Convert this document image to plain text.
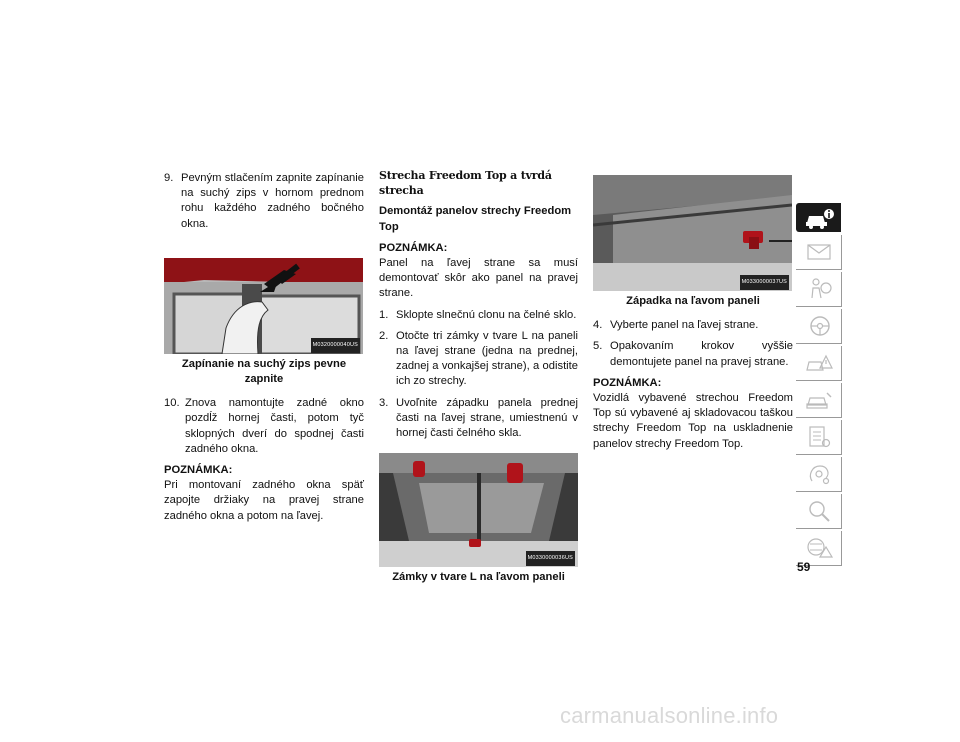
9. Pevným stlačením zapnite zapínanie na suchý zips v hornom prednom rohu každého zadného bočného okna.
M0320000040US
Zapínanie na suchý zips pevne zapnite
10. Znova namontujte zadné okno pozdĺž hornej časti, potom tyč sklopných dverí do spodnej časti zadného okna.
POZNÁMKA:
Pri montovaní zadného okna späť zapojte držiaky na pravej strane zadného okna a potom na ľavej.
Strecha Freedom Top a tvrdá strecha
Demontáž panelov strechy Freedom Top
POZNÁMKA:
Panel na ľavej strane sa musí demontovať skôr ako panel na pravej strane.
1. Sklopte slnečnú clonu na čelné sklo.
2. Otočte tri zámky v tvare L na paneli na ľavej strane (jedna na prednej, zadnej a vonkajšej strane), a odistite ich zo strechy.
3. Uvoľnite západku panela prednej časti na ľavej strane, umiestnenú v hornej časti čelného skla.
M0330000036US
Zámky v tvare L na ľavom paneli
M0330000037US
Západka na ľavom paneli
4. Vyberte panel na ľavej strane.
5. Opakovaním krokov vyššie demontujete panel na pravej strane.
POZNÁMKA:
Vozidlá vybavené strechou Freedom Top sú vybavené aj skladovacou taškou strechy Freedom Top na uskladnenie panelov strechy Freedom Top.
59
carmanualsonline.info
